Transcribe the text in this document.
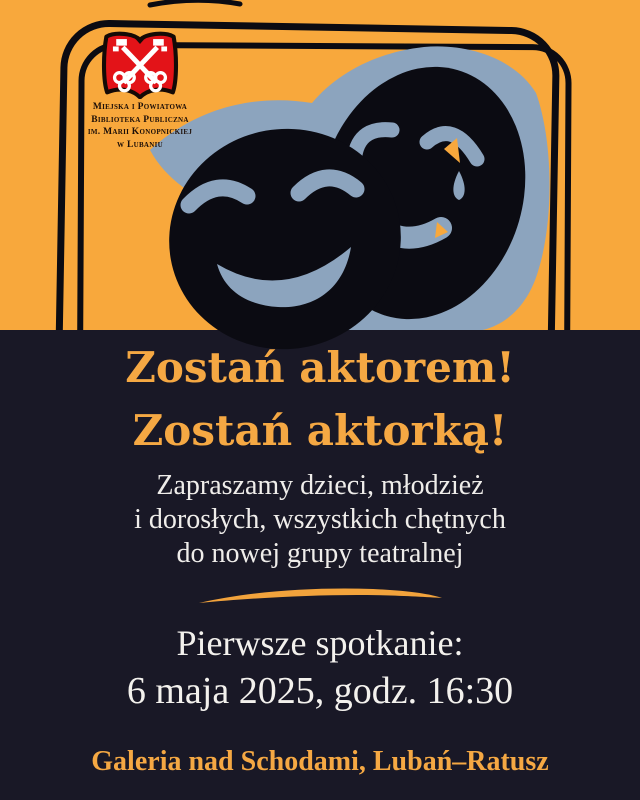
Miejska i Powiatowa
Biblioteka Publiczna
im. Marii Konopnickiej
w Lubaniu
Zostań aktorem!
Zostań aktorką!
Zapraszamy dzieci, młodzież
i dorosłych, wszystkich chętnych
do nowej grupy teatralnej
Pierwsze spotkanie:
6 maja 2025, godz. 16:30
Galeria nad Schodami, Lubań–Ratusz
